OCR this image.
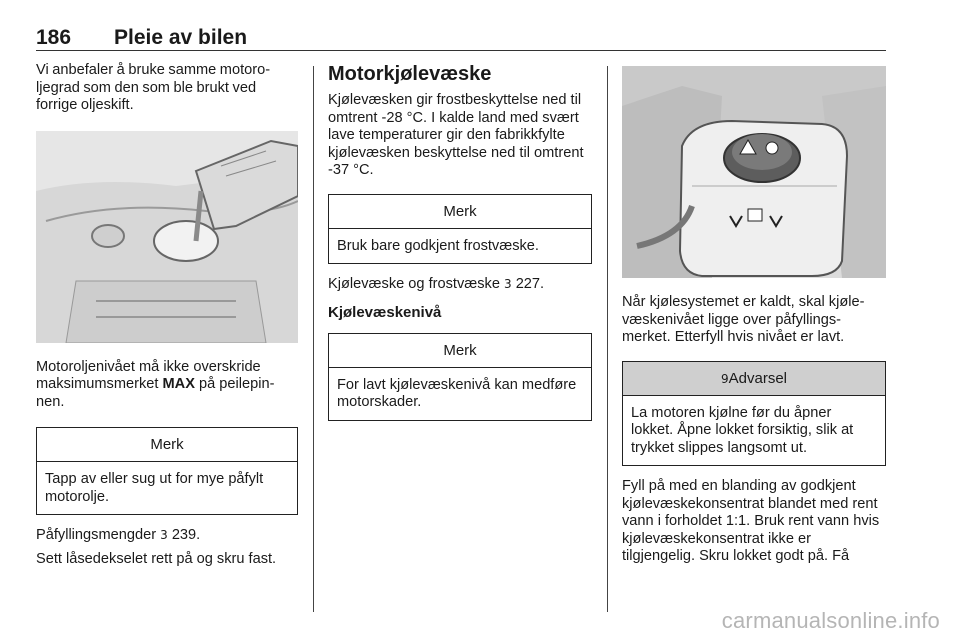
186 Pleie av bilen

Vi anbefaler å bruke samme motoro- ljegrad som den som ble brukt ved forrige oljeskift.

Motoroljenivået må ikke overskride maksimumsmerket MAX på peilepin- nen.

Merk
Tapp av eller sug ut for mye påfylt motorolje.

Påfyllingsmengder 3 239.

Sett låsedekselet rett på og skru fast.

Motorkjølevæske

Kjølevæsken gir frostbeskyttelse ned til omtrent -28 °C. I kalde land med svært lave temperaturer gir den fabrikkfylte kjølevæsken beskyttelse ned til omtrent -37 °C.

Merk
Bruk bare godkjent frostvæske.

Kjølevæske og frostvæske 3 227.

Kjølevæskenivå
Merk
For lavt kjølevæskenivå kan medføre motorskader.

Når kjølesystemet er kaldt, skal kjøle- væskenivået ligge over påfyllings- merket. Etterfyll hvis nivået er lavt.

9Advarsel
La motoren kjølne før du åpner lokket. Åpne lokket forsiktig, slik at trykket slippes langsomt ut.

Fyll på med en blanding av godkjent kjølevæskekonsentrat blandet med rent vann i forholdet 1:1. Bruk rent vann hvis kjølevæskekonsentrat ikke er tilgjengelig. Skru lokket godt på. Få

carmanualsonline.info
